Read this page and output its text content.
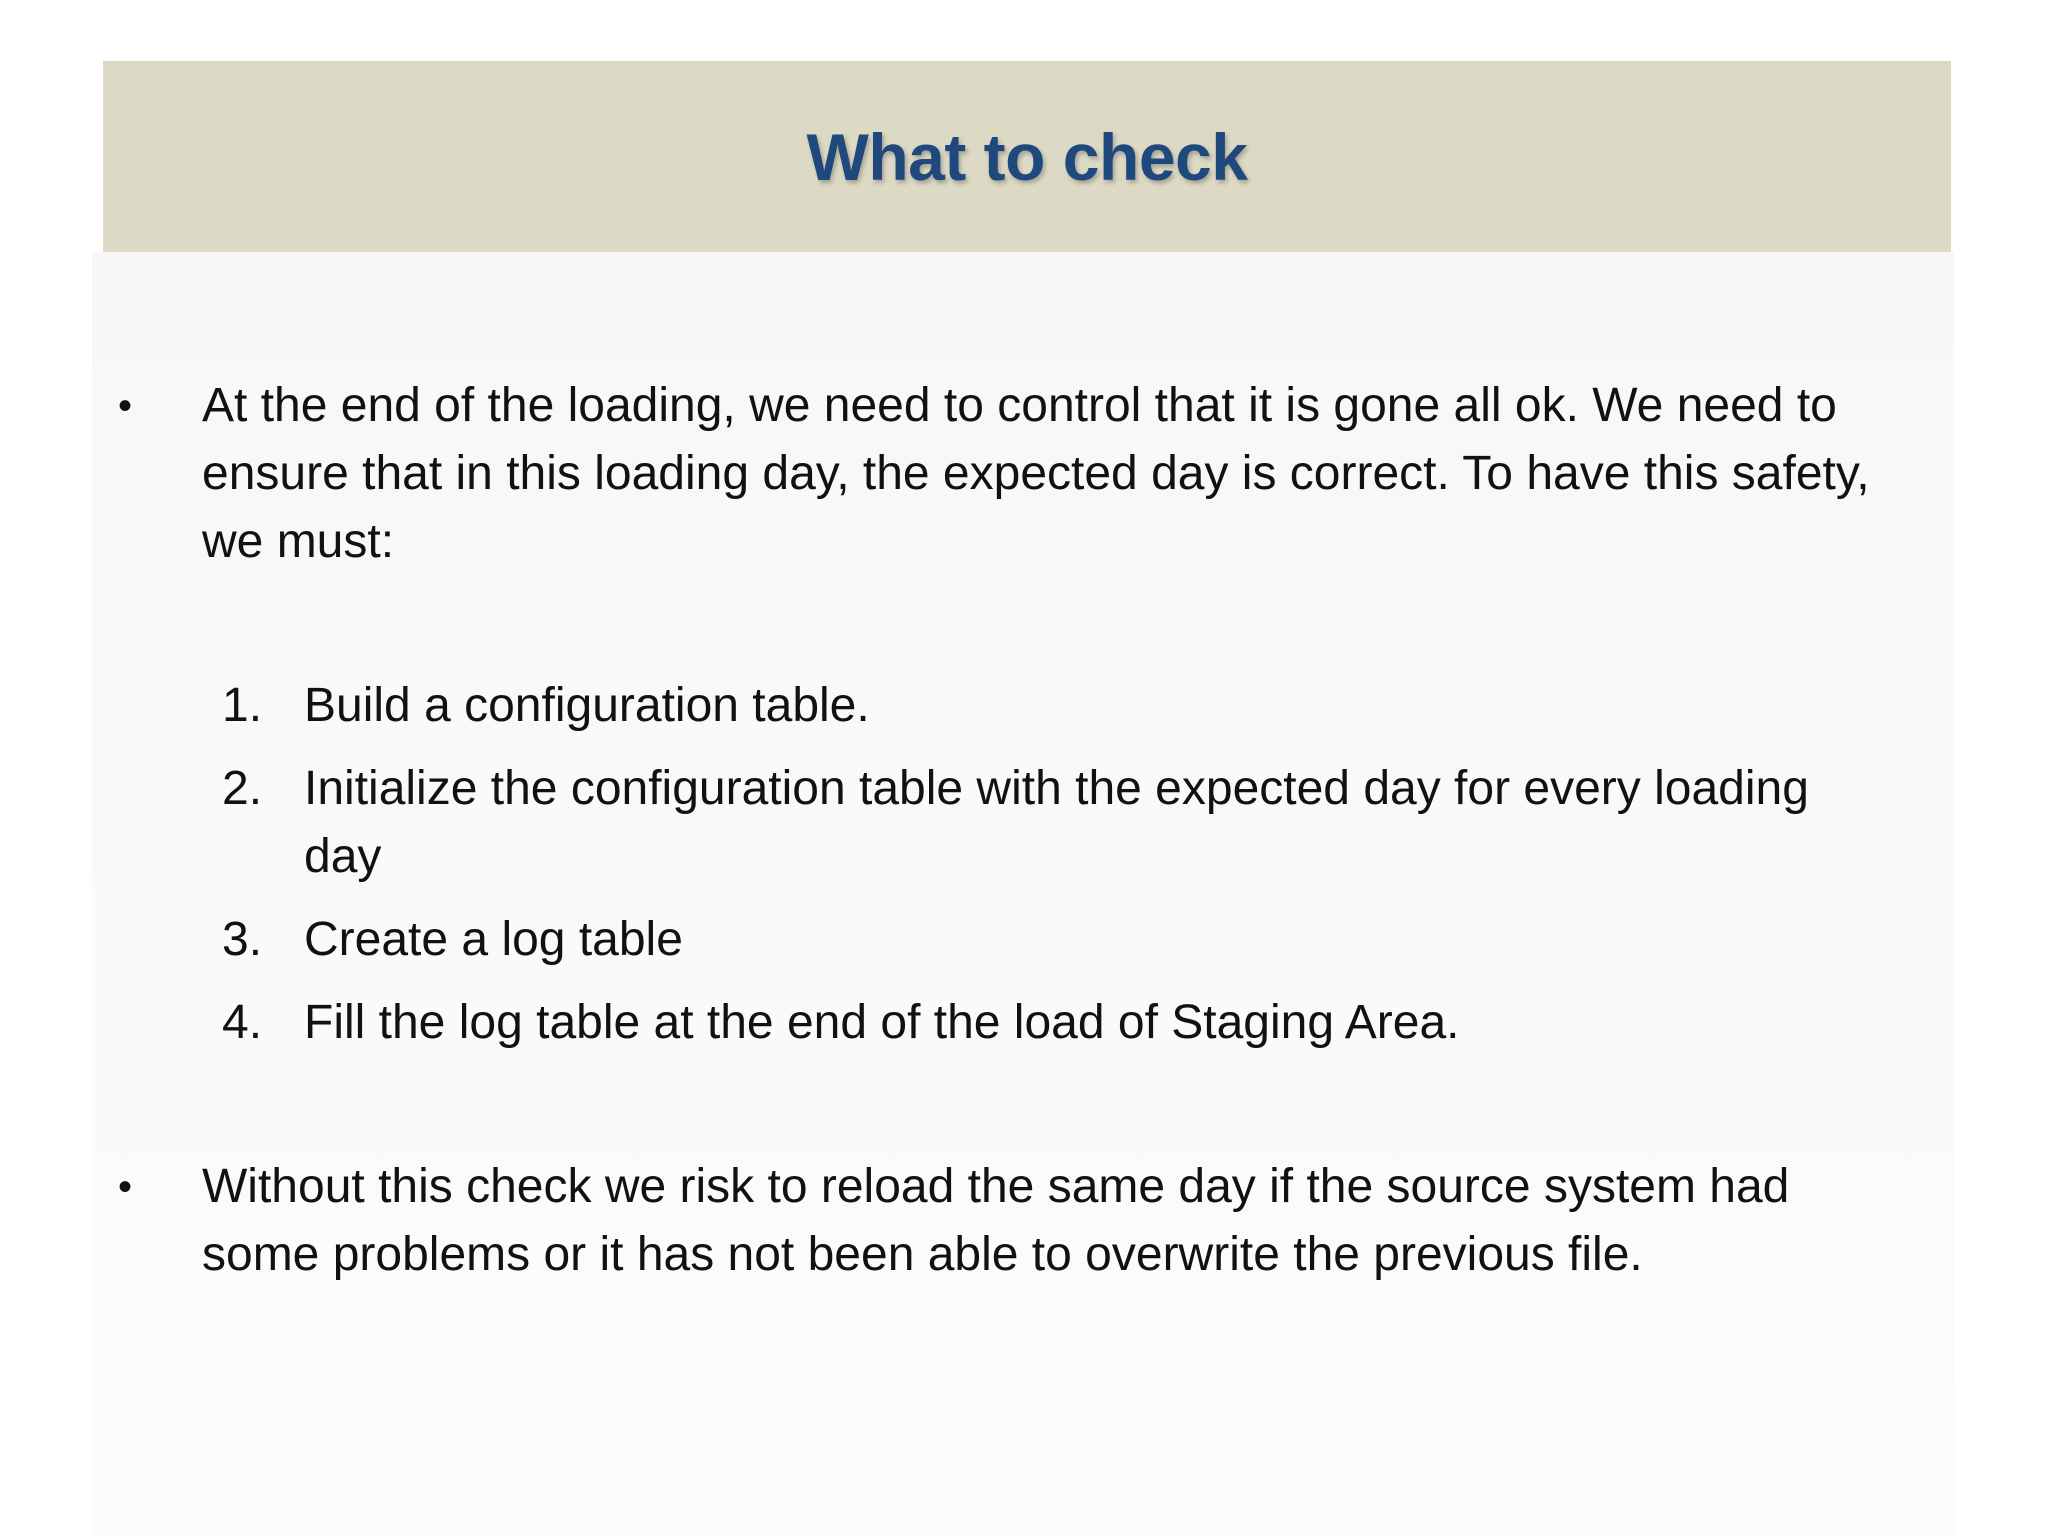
What to check
•	At the end of the loading, we need to control that it is gone all ok. We need to ensure that in this loading day, the expected day is correct. To have this safety, we must:
1. Build a configuration table.
2. Initialize the configuration table with the expected day for every loading day
3. Create a log table
4. Fill the log table at the end of the load of Staging Area.
•	Without this check we risk to reload the same day if the source system had some problems or it has not been able to overwrite the previous file.
